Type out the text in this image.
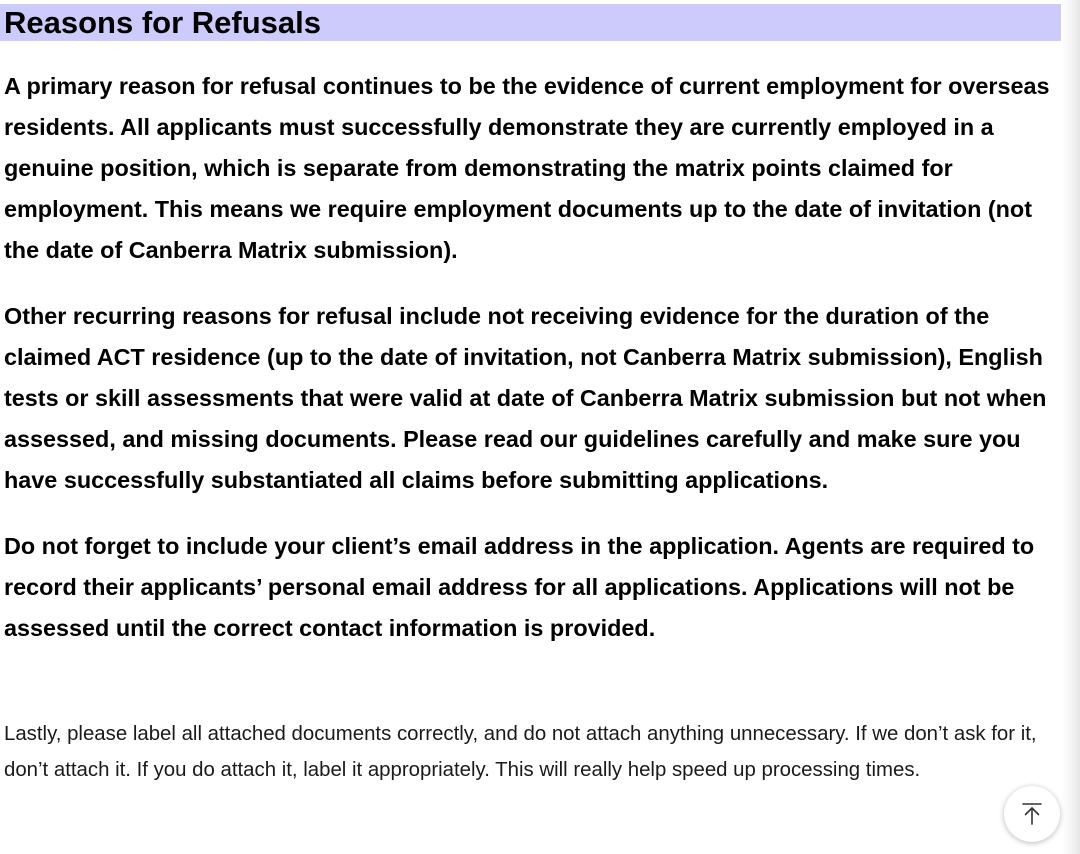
Reasons for Refusals

A primary reason for refusal continues to be the evidence of current employment for overseas residents. All applicants must successfully demonstrate they are currently employed in a genuine position, which is separate from demonstrating the matrix points claimed for employment. This means we require employment documents up to the date of invitation (not the date of Canberra Matrix submission).

Other recurring reasons for refusal include not receiving evidence for the duration of the claimed ACT residence (up to the date of invitation, not Canberra Matrix submission), English tests or skill assessments that were valid at date of Canberra Matrix submission but not when assessed, and missing documents. Please read our guidelines carefully and make sure you have successfully substantiated all claims before submitting applications.

Do not forget to include your client’s email address in the application. Agents are required to record their applicants’ personal email address for all applications. Applications will not be assessed until the correct contact information is provided.

Lastly, please label all attached documents correctly, and do not attach anything unnecessary. If we don’t ask for it, don’t attach it. If you do attach it, label it appropriately. This will really help speed up processing times.
